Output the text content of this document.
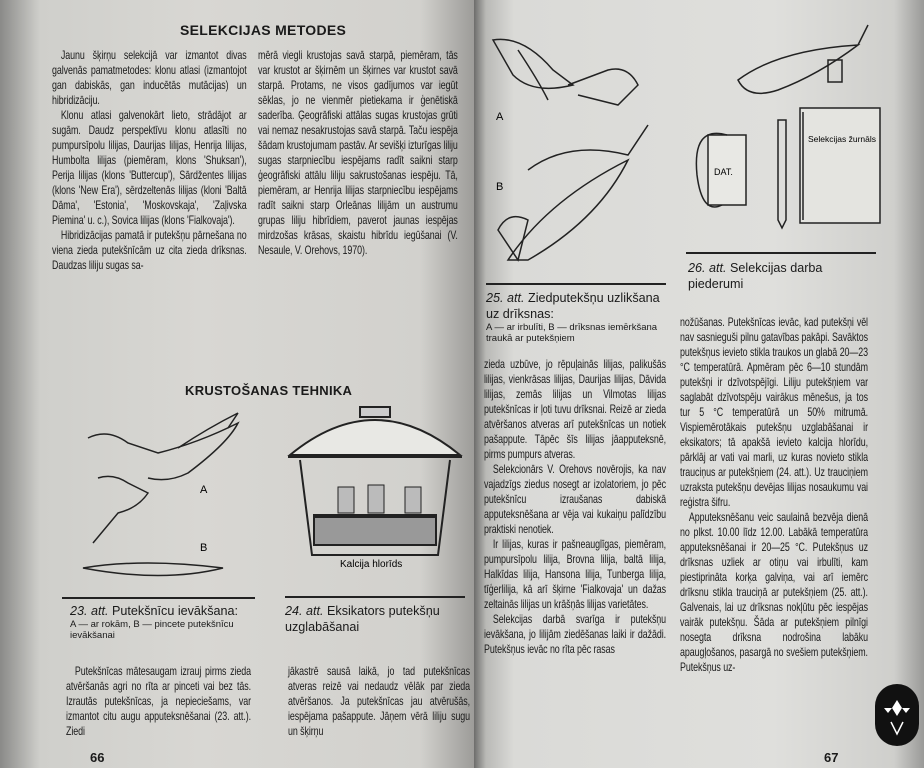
SELEKCIJAS METODES

Jaunu šķirņu selekcijā var izmantot divas galvenās pamatmetodes: klonu atlasi (izmantojot gan dabiskās, gan inducētās mutācijas) un hibridizāciju.

Klonu atlasi galvenokārt lieto, strādājot ar sugām. Daudz perspektīvu klonu atlasīti no pumpursīpolu lilijas, Daurijas lilijas, Henrija lilijas, Humbolta lilijas (piemēram, klons 'Shuksan'), Perija lilijas (klons 'Buttercup'), Sārdžentes lilijas (klons 'New Era'), sērdzeltenās lilijas (kloni 'Baltā Dāma', 'Estonia', 'Moskovskaja', 'Zaļivska Pieminа' u. c.), Sovica lilijas (klons 'Fialkovaja').

Hibridizācijas pamatā ir putekšņu pārnešana no viena zieda putekšnīcām uz cita zieda drīksnas. Daudzas liliju sugas sa-

mērā viegli krustojas savā starpā, piemēram, tās var krustot ar šķirnēm un šķirnes var krustot savā starpā. Protams, ne visos gadījumos var iegūt sēklas, jo ne vienmēr pietiekama ir ģenētiskā saderība. Ģeogrāfiski attālas sugas krustojas grūti vai nemaz nesakrustojas savā starpā. Taču iespēja šādam krustojumam pastāv. Ar sevišķi izturīgas liliju sugas starpniecību iespējams radīt saikni starp ģeogrāfiski attālu liliju sakrustošanas iespēju. Tā, piemēram, ar Henrija lilijas starpniecību iespējams radīt saikni starp Orleānas lilijām un austrumu grupas liliju hibrīdiem, paverot jaunas iespējas mirdzošas krāsas, skaistu hibrīdu iegūšanai (V. Nesaule, V. Orehovs, 1970).

KRUSTOŠANAS TEHNIKA
A
B
Kalcija hlorīds
23. att. Putekšnīcu ievākšana:
A — ar rokām, B — pincete putekšnīcu ievākšanai
24. att. Eksikators putekšņu uzglabāšanai

Putekšnīcas mātesaugam izrauj pirms zieda atvēršanās agri no rīta ar pinceti vai bez tās. Izrautās putekšnīcas, ja nepieciešams, var izmantot citu augu apputeksnēšanai (23. att.). Ziedi

jākastrē sausā laikā, jo tad putekšnīcas atveras reizē vai nedaudz vēlāk par zieda atvēršanos. Ja putekšnīcas jau atvērušās, iespējama pašappute. Jāņem vērā liliju sugu un šķirņu

66
A
B
Selekcijas žurnāls
DAT.
25. att. Ziedputekšņu uzlikšana uz drīksnas:
A — ar irbulīti, B — drīksnas iemērkšana traukā ar putekšņiem
26. att. Selekcijas darba piederumi

zieda uzbūve, jo rēpuļainās lilijas, palikušās lilijas, vienkrāsas lilijas, Daurijas lilijas, Dāvida lilijas, zemās lilijas un Vilmotas lilijas putekšnīcas ir ļoti tuvu drīksnai. Reizē ar zieda atvēršanos atveras arī putekšnīcas un notiek pašappute. Tāpēc šīs lilijas jāapputeksnē, pirms pumpurs atveras.

Selekcionārs V. Orehovs novērojis, ka nav vajadzīgs ziedus nosegt ar izolatoriem, jo pēc putekšnīcu izraušanas dabiskā apputeksnēšana ar vēja vai kukaiņu palīdzību praktiski nenotiek.

Ir lilijas, kuras ir pašneauglīgas, piemēram, pumpursīpolu lilija, Brovna lilija, baltā lilija, Halkīdas lilija, Hansona lilija, Tunberga lilija, tīģerlilija, kā arī šķirne 'Fialkovaja' un dažas zeltainās lilijas un krāšņās lilijas varietātes.

Selekcijas darbā svarīga ir putekšņu ievākšana, jo lilijām ziedēšanas laiki ir dažādi. Putekšņus ievāc no rīta pēc rasas

nožūšanas. Putekšnīcas ievāc, kad putekšņi vēl nav sasnieguši pilnu gatavības pakāpi. Savāktos putekšņus ievieto stikla traukos un glabā 20—23 °C temperatūrā. Apmēram pēc 6—10 stundām putekšņi ir dzīvotspējīgi. Liliju putekšņiem var saglabāt dzīvotspēju vairākus mēnešus, ja tos tur 5 °C temperatūrā un 50% mitrumā. Vispiemērotākais putekšņu uzglabāšanai ir eksikators; tā apakšā ievieto kalcija hlorīdu, pārklāj ar vati vai marli, uz kuras novieto stikla trauciņus ar putekšņiem (24. att.). Uz trauciņiem uzraksta putekšņu devējas lilijas nosaukumu vai reģistra šifru.

Apputeksnēšanu veic saulainā bezvēja dienā no plkst. 10.00 līdz 12.00. Labākā temperatūra apputeksnēšanai ir 20—25 °C. Putekšņus uz drīksnas uzliek ar otiņu vai irbulīti, kam piestiprināta korķa galviņa, vai arī iemērc drīksnu stikla trauciņā ar putekšņiem (25. att.). Galvenais, lai uz drīksnas nokļūtu pēc iespējas vairāk putekšņu. Šāda ar putekšņiem pilnīgi nosegta drīksna nodrošina labāku apaugļošanos, pasargā no svešiem putekšņiem. Putekšņus uz-

67
